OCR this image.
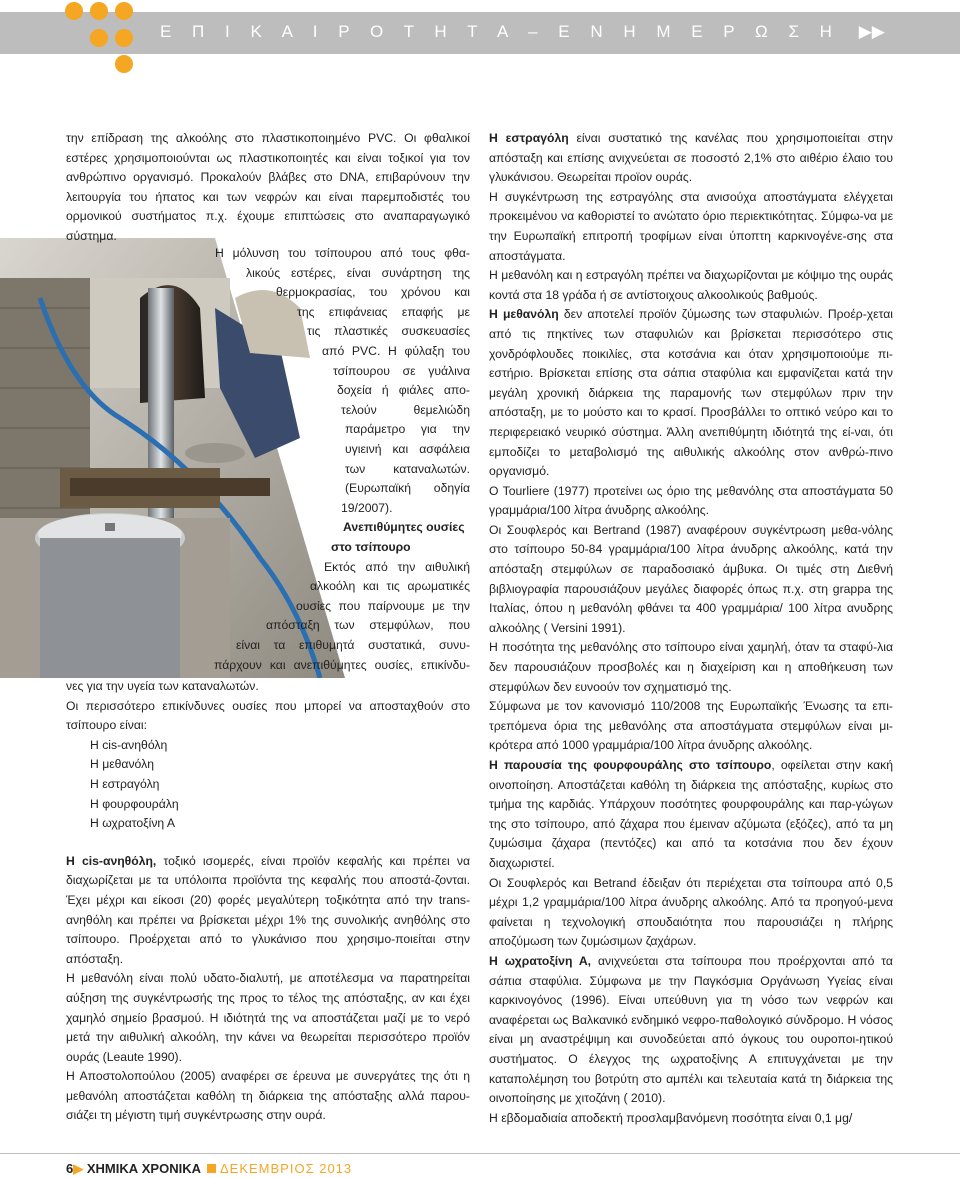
Ε Π Ι Κ Α Ι Ρ Ο Τ Η Τ Α – Ε Ν Η Μ Ε Ρ Ω Σ Η ▶▶

την επίδραση της αλκοόλης στο πλαστικοποιημένο PVC. Οι φθαλικοί εστέρες χρησιμοποιούνται ως πλαστικοποιητές και είναι τοξικοί για τον ανθρώπινο οργανισμό. Προκαλούν βλάβες στο DNA, επιβαρύνουν την λειτουργία του ήπατος και των νεφρών και είναι παρεμποδιστές του ορμονικού συστήματος π.χ. έχουμε επιπτώσεις στο αναπαραγωγικό σύστημα.

Η μόλυνση του τσίπουρου από τους φθα-
λικούς εστέρες, είναι συνάρτηση της
θερμοκρασίας, του χρόνου και
της επιφάνειας επαφής με
τις πλαστικές συσκευασίες
από PVC. Η φύλαξη του
τσίπουρου σε γυάλινα
δοχεία ή φιάλες απο-
τελούν θεμελιώδη
παράμετρο για την
υγιεινή και ασφάλεια
των καταναλωτών.
(Ευρωπαϊκή οδηγία
19/2007).
Ανεπιθύμητες ουσίες
στο τσίπουρο
Εκτός από την αιθυλική
αλκοόλη και τις αρωματικές
ουσίες που παίρνουμε με την
απόσταξη των στεμφύλων, που
είναι τα επιθυμητά συστατικά, συνυ-
πάρχουν και ανεπιθύμητες ουσίες, επικίνδυ-

νες για την υγεία των καταναλωτών.

Οι περισσότερο επικίνδυνες ουσίες που μπορεί να αποσταχθούν στο τσίπουρο είναι:

Η cis-ανηθόλη

Η μεθανόλη

Η εστραγόλη

Η φουρφουράλη

Η ωχρατοξίνη Α

Η cis-ανηθόλη, τοξικό ισομερές, είναι προϊόν κεφαλής και πρέπει να διαχωρίζεται με τα υπόλοιπα προϊόντα της κεφαλής που αποστά-ζονται. Έχει μέχρι και είκοσι (20) φορές μεγαλύτερη τοξικότητα από την trans-ανηθόλη και πρέπει να βρίσκεται μέχρι 1% της συνολικής ανηθόλης στο τσίπουρο. Προέρχεται από το γλυκάνισο που χρησιμο-ποιείται στην απόσταξη.

Η μεθανόλη είναι πολύ υδατο-διαλυτή, με αποτέλεσμα να παρατηρείται αύξηση της συγκέντρωσής της προς το τέλος της απόσταξης, αν και έχει χαμηλό σημείο βρασμού. Η ιδιότητά της να αποστάζεται μαζί με το νερό μετά την αιθυλική αλκοόλη, την κάνει να θεωρείται περισσότερο προϊόν ουράς (Leaute 1990).

Η Αποστολοπούλου (2005) αναφέρει σε έρευνα με συνεργάτες της ότι η μεθανόλη αποστάζεται καθόλη τη διάρκεια της απόσταξης αλλά παρου-σιάζει τη μέγιστη τιμή συγκέντρωσης στην ουρά.

Η εστραγόλη είναι συστατικό της κανέλας που χρησιμοποιείται στην απόσταξη και επίσης ανιχνεύεται σε ποσοστό 2,1% στο αιθέριο έλαιο του γλυκάνισου. Θεωρείται προϊον ουράς.

Η συγκέντρωση της εστραγόλης στα ανισούχα αποστάγματα ελέγχεται προκειμένου να καθοριστεί το ανώτατο όριο περιεκτικότητας. Σύμφω-να με την Ευρωπαϊκή επιτροπή τροφίμων είναι ύποπτη καρκινογένε-σης στα αποστάγματα.

Η μεθανόλη και η εστραγόλη πρέπει να διαχωρίζονται με κόψιμο της ουράς κοντά στα 18 γράδα ή σε αντίστοιχους αλκοολικούς βαθμούς.

Η μεθανόλη δεν αποτελεί προϊόν ζύμωσης των σταφυλιών. Προέρ-χεται από τις πηκτίνες των σταφυλιών και βρίσκεται περισσότερο στις χονδρόφλουδες ποικιλίες, στα κοτσάνια και όταν χρησιμοποιούμε πι-εστήριο. Βρίσκεται επίσης στα σάπια σταφύλια και εμφανίζεται κατά την μεγάλη χρονική διάρκεια της παραμονής των στεμφύλων πριν την απόσταξη, με το μούστο και το κρασί. Προσβάλλει το οπτικό νεύρο και το περιφερειακό νευρικό σύστημα. Άλλη ανεπιθύμητη ιδιότητά της εί-ναι, ότι εμποδίζει το μεταβολισμό της αιθυλικής αλκοόλης στον ανθρώ-πινο οργανισμό.

O Tourliere (1977) προτείνει ως όριο της μεθανόλης στα αποστάγματα 50 γραμμάρια/100 λίτρα άνυδρης αλκοόλης.

Οι Σουφλερός και Bertrand (1987) αναφέρουν συγκέντρωση μεθα-νόλης στο τσίπουρο 50-84 γραμμάρια/100 λίτρα άνυδρης αλκοόλης, κατά την απόσταξη στεμφύλων σε παραδοσιακό άμβυκα. Οι τιμές στη Διεθνή βιβλιογραφία παρουσιάζουν μεγάλες διαφορές όπως π.χ. στη grappa της Ιταλίας, όπου η μεθανόλη φθάνει τα 400 γραμμάρια/ 100 λίτρα ανυδρης αλκοόλης ( Versini 1991).

Η ποσότητα της μεθανόλης στο τσίπουρο είναι χαμηλή, όταν τα σταφύ-λια δεν παρουσιάζουν προσβολές και η διαχείριση και η αποθήκευση των στεμφύλων δεν ευνοούν τον σχηματισμό της.

Σύμφωνα με τον κανονισμό 110/2008 της Ευρωπαϊκής Ένωσης τα επι-τρεπόμενα όρια της μεθανόλης στα αποστάγματα στεμφύλων είναι μι-κρότερα από 1000 γραμμάρια/100 λίτρα άνυδρης αλκοόλης.

Η παρουσία της φουρφουράλης στο τσίπουρο, οφείλεται στην κακή οινοποίηση. Αποστάζεται καθόλη τη διάρκεια της απόσταξης, κυρίως στο τμήμα της καρδιάς. Υπάρχουν ποσότητες φουρφουράλης και παρ-γώγων της στο τσίπουρο, από ζάχαρα που έμειναν αζύμωτα (εξόζες), από τα μη ζυμώσιμα ζάχαρα (πεντόζες) και από τα κοτσάνια που δεν έχουν διαχωριστεί.

Οι Σουφλερός και Betrand έδειξαν ότι περιέχεται στα τσίπουρα από 0,5 μέχρι 1,2 γραμμάρια/100 λίτρα άνυδρης αλκοόλης. Από τα προηγού-μενα φαίνεται η τεχνολογική σπουδαιότητα που παρουσιάζει η πλήρης αποζύμωση των ζυμώσιμων ζαχάρων.

Η ωχρατοξίνη Α, ανιχνεύεται στα τσίπουρα που προέρχονται από τα σάπια σταφύλια. Σύμφωνα με την Παγκόσμια Οργάνωση Υγείας είναι καρκινογόνος (1996). Είναι υπεύθυνη για τη νόσο των νεφρών και αναφέρεται ως Βαλκανικό ενδημικό νεφρο-παθολογικό σύνδρομο. Η νόσος είναι μη αναστρέψιμη και συνοδεύεται από όγκους του ουροποι-ητικού συστήματος. Ο έλεγχος της ωχρατοξίνης Α επιτυγχάνεται με την καταπολέμηση του βοτρύτη στο αμπέλι και τελευταία κατά τη διάρκεια της οινοποίησης με χιτοζάνη ( 2010).

Η εβδομαδιαία αποδεκτή προσλαμβανόμενη ποσότητα είναι 0,1 μg/

6▶ ΧΗΜΙΚΑ ΧΡΟΝΙΚΑ ΔΕΚΕΜΒΡΙΟΣ 2013
